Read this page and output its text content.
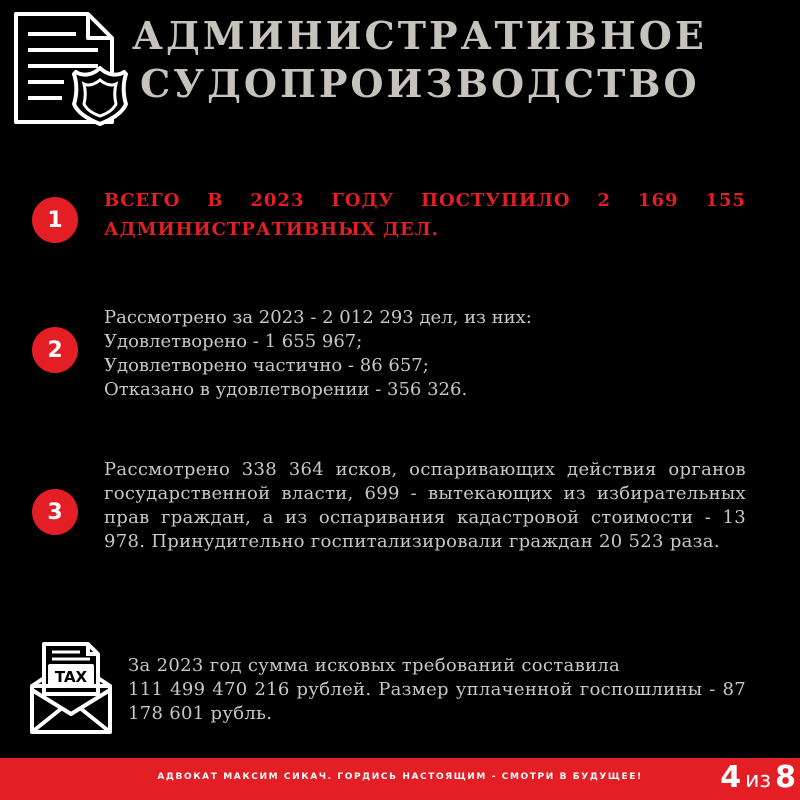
АДМИНИСТРАТИВНОЕ
СУДОПРОИЗВОДСТВО
1
ВСЕГО В 2023 ГОДУ ПОСТУПИЛО 2 169 155
АДМИНИСТРАТИВНЫХ ДЕЛ.
2
Рассмотрено за 2023 - 2 012 293 дел, из них:
Удовлетворено - 1 655 967;
Удовлетворено частично - 86 657;
Отказано в удовлетворении - 356 326.
3
Рассмотрено 338 364 исков, оспаривающих действия органов государственной власти, 699 - вытекающих из избирательных прав граждан, а из оспаривания кадастровой стоимости - 13 978. Принудительно госпитализировали граждан 20 523 раза.
TAX
За 2023 год сумма исковых требований составила
111 499 470 216 рублей. Размер уплаченной госпошлины - 87 178 601 рубль.
АДВОКАТ МАКСИМ СИКАЧ. ГОРДИСЬ НАСТОЯЩИМ - СМОТРИ В БУДУЩЕЕ!	4 из 8
